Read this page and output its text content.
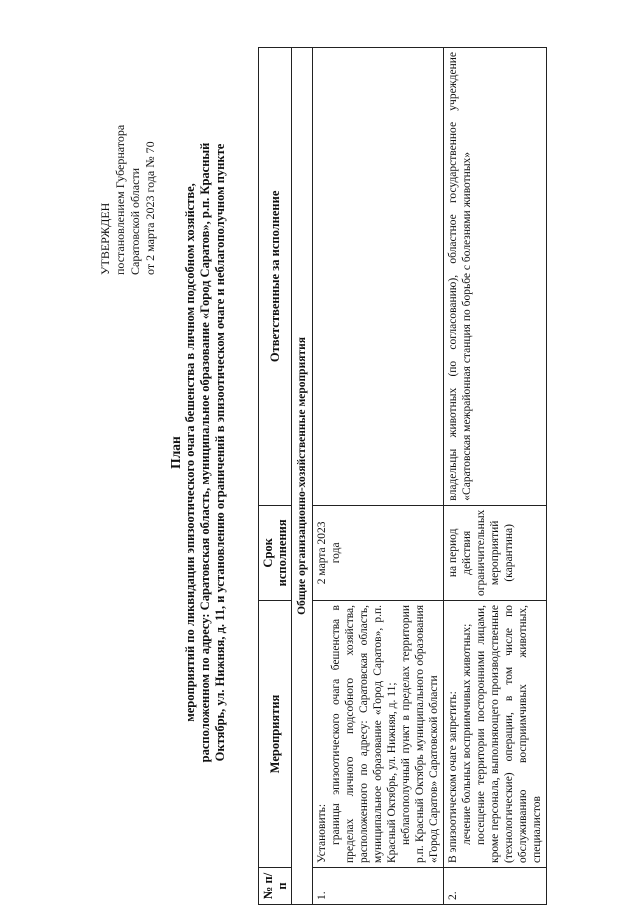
УТВЕРЖДЕН постановлением Губернатора Саратовской области от 2 марта 2023 года № 70
План мероприятий по ликвидации эпизоотического очага бешенства в личном подсобном хозяйстве, расположенном по адресу: Саратовская область, муниципальное образование «Город Саратов», р.п. Красный Октябрь, ул. Нижняя, д. 11, и установлению ограничений в эпизоотическом очаге и неблагополучном пункте
№ п/п	Мероприятия	Срок исполнения	Ответственные за исполнение
Общие организационно-хозяйственные мероприятия			
1.	Установить: границы эпизоотического очага бешенства в пределах личного подсобного хозяйства, расположенного по адресу: Саратовская область, муниципальное образование «Город Саратов», р.п. Красный Октябрь, ул. Нижняя, д. 11; неблагополучный пункт в пределах территории р.п. Красный Октябрь муниципального образования «Город Саратов» Саратовской области	2 марта 2023 года	
2.	В эпизоотическом очаге запретить: лечение больных восприимчивых животных; посещение территории посторонними лицами, кроме персонала, выполняющего производственные (технологические) операции, в том числе по обслуживанию восприимчивых животных, специалистов	на период действия ограничительных мероприятий (карантина)	владельцы животных (по согласованию), областное государственное учреждение «Саратовская межрайонная станция по борьбе с болезнями животных»
